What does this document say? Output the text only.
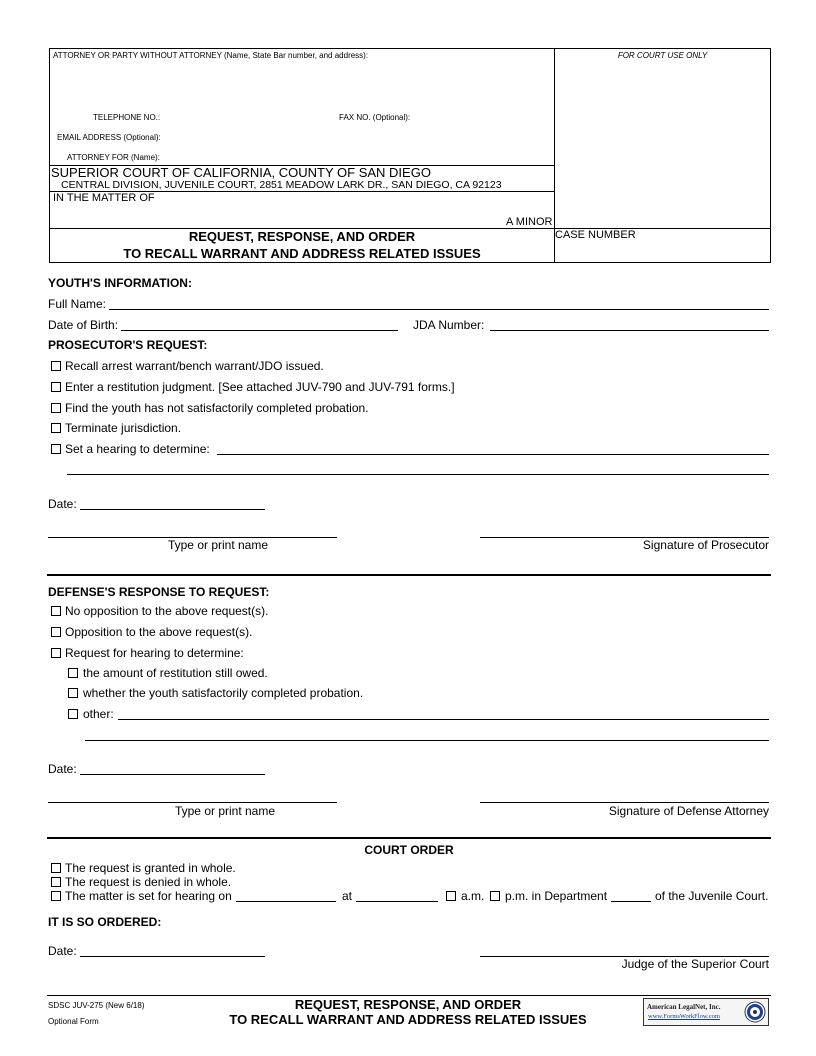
ATTORNEY OR PARTY WITHOUT ATTORNEY (Name, State Bar number, and address):	FOR COURT USE ONLY
TELEPHONE NO.:	FAX NO. (Optional):
EMAIL ADDRESS (Optional):
ATTORNEY FOR (Name):
SUPERIOR COURT OF CALIFORNIA, COUNTY OF SAN DIEGO
CENTRAL DIVISION, JUVENILE COURT, 2851 MEADOW LARK DR., SAN DIEGO, CA 92123
IN THE MATTER OF
A MINOR
REQUEST, RESPONSE, AND ORDER
TO RECALL WARRANT AND ADDRESS RELATED ISSUES
CASE NUMBER
YOUTH'S INFORMATION:
Full Name:
Date of Birth:	JDA Number:
PROSECUTOR'S REQUEST:
Recall arrest warrant/bench warrant/JDO issued.
Enter a restitution judgment. [See attached JUV-790 and JUV-791 forms.]
Find the youth has not satisfactorily completed probation.
Terminate jurisdiction.
Set a hearing to determine:
Date:
Type or print name	Signature of Prosecutor
DEFENSE'S RESPONSE TO REQUEST:
No opposition to the above request(s).
Opposition to the above request(s).
Request for hearing to determine:
the amount of restitution still owed.
whether the youth satisfactorily completed probation.
other:
Date:
Type or print name	Signature of Defense Attorney
COURT ORDER
The request is granted in whole.
The request is denied in whole.
The matter is set for hearing on	at	a.m. p.m. in Department	of the Juvenile Court.
IT IS SO ORDERED:
Date:
Judge of the Superior Court
SDSC JUV-275 (New 6/18)
Optional Form
REQUEST, RESPONSE, AND ORDER
TO RECALL WARRANT AND ADDRESS RELATED ISSUES
American LegalNet, Inc.
www.FormsWorkFlow.com
